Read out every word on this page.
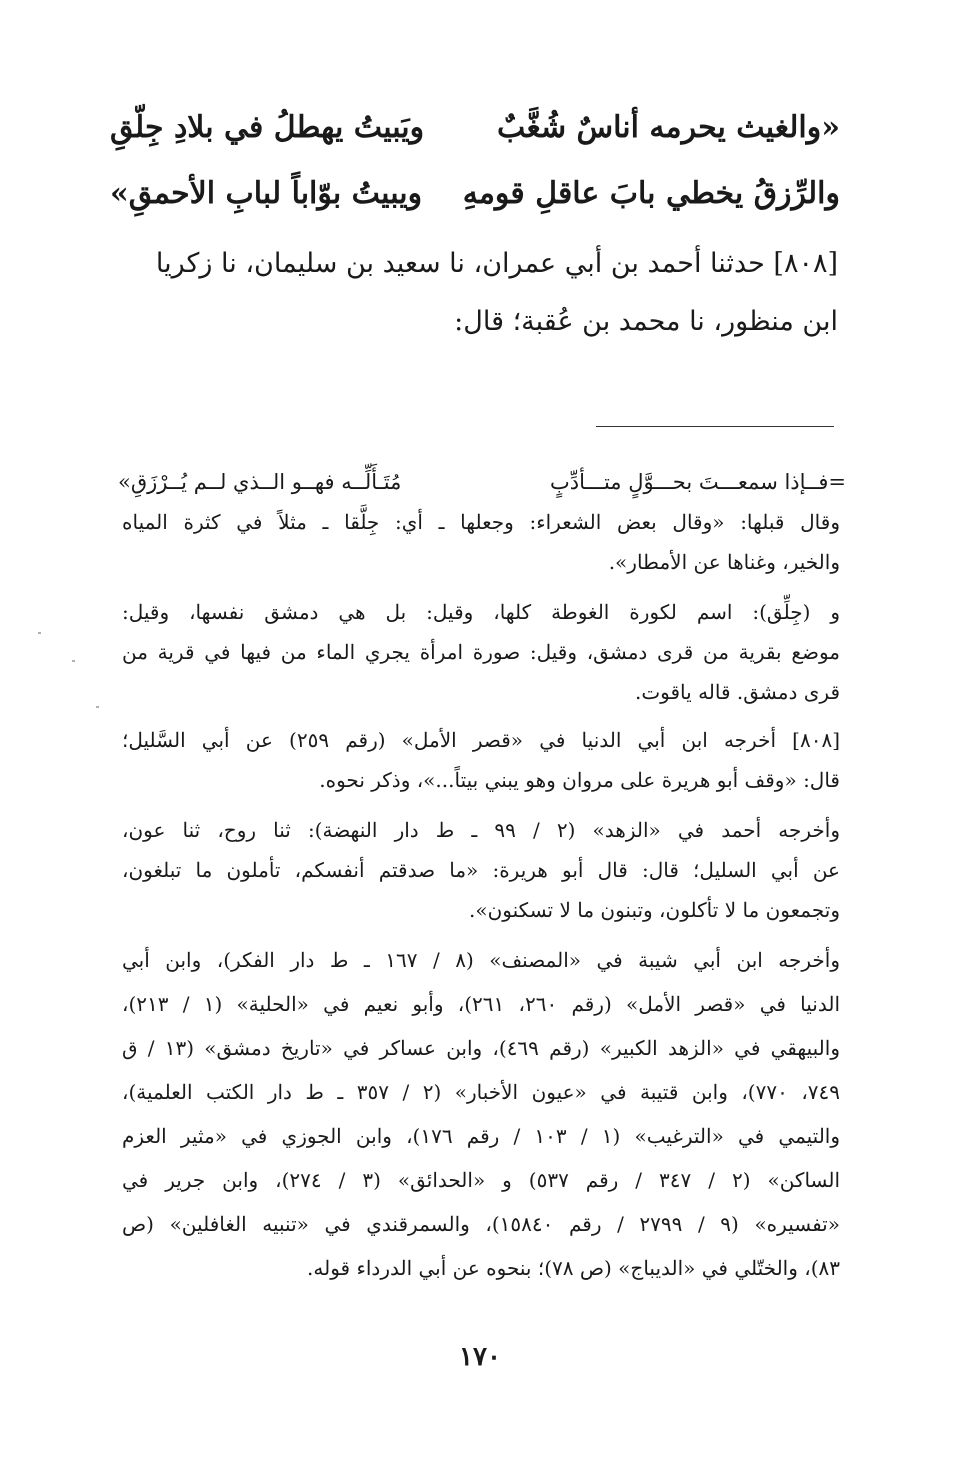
«والغيث يحرمه أناسٌ شُغَّبٌ
ويَبيتُ يهطلُ في بلادِ جِلّقِ
والرِّزقُ يخطي بابَ عاقلِ قومهِ
ويبيتُ بوّاباً لبابِ الأحمقِ»
[٨٠٨] حدثنا أحمد بن أبي عمران، نا سعيد بن سليمان، نا زكريا
ابن منظور، نا محمد بن عُقبة؛ قال:
=فــإذا سمعـــتَ بحـــوَّلٍ متـــأدِّبٍ
مُتَـأَلِّــه فهــو الــذي لــم يُــرْزَقِ»
وقال قبلها: «وقال بعض الشعراء: وجعلها ـ أي: جِلَّقا ـ مثلاً في كثرة المياه
والخير، وغناها عن الأمطار».
و (جِلِّق): اسم لكورة الغوطة كلها، وقيل: بل هي دمشق نفسها، وقيل:
موضع بقرية من قرى دمشق، وقيل: صورة امرأة يجري الماء من فيها في قرية من
قرى دمشق. قاله ياقوت.
[٨٠٨] أخرجه ابن أبي الدنيا في «قصر الأمل» (رقم ٢٥٩) عن أبي السَّليل؛
قال: «وقف أبو هريرة على مروان وهو يبني بيتاً...»، وذكر نحوه.
وأخرجه أحمد في «الزهد» (٢ / ٩٩ ـ ط دار النهضة): ثنا روح، ثنا عون،
عن أبي السليل؛ قال: قال أبو هريرة: «ما صدقتم أنفسكم، تأملون ما تبلغون،
وتجمعون ما لا تأكلون، وتبنون ما لا تسكنون».
وأخرجه ابن أبي شيبة في «المصنف» (٨ / ١٦٧ ـ ط دار الفكر)، وابن أبي
الدنيا في «قصر الأمل» (رقم ٢٦٠، ٢٦١)، وأبو نعيم في «الحلية» (١ / ٢١٣)،
والبيهقي في «الزهد الكبير» (رقم ٤٦٩)، وابن عساكر في «تاريخ دمشق» (١٣ / ق
٧٤٩، ٧٧٠)، وابن قتيبة في «عيون الأخبار» (٢ / ٣٥٧ ـ ط دار الكتب العلمية)،
والتيمي في «الترغيب» (١ / ١٠٣ / رقم ١٧٦)، وابن الجوزي في «مثير العزم
الساكن» (٢ / ٣٤٧ / رقم ٥٣٧) و «الحدائق» (٣ / ٢٧٤)، وابن جرير في
«تفسيره» (٩ / ٢٧٩٩ / رقم ١٥٨٤٠)، والسمرقندي في «تنبيه الغافلين» (ص
٨٣)، والختّلي في «الديباج» (ص ٧٨)؛ بنحوه عن أبي الدرداء قوله.
١٧٠
